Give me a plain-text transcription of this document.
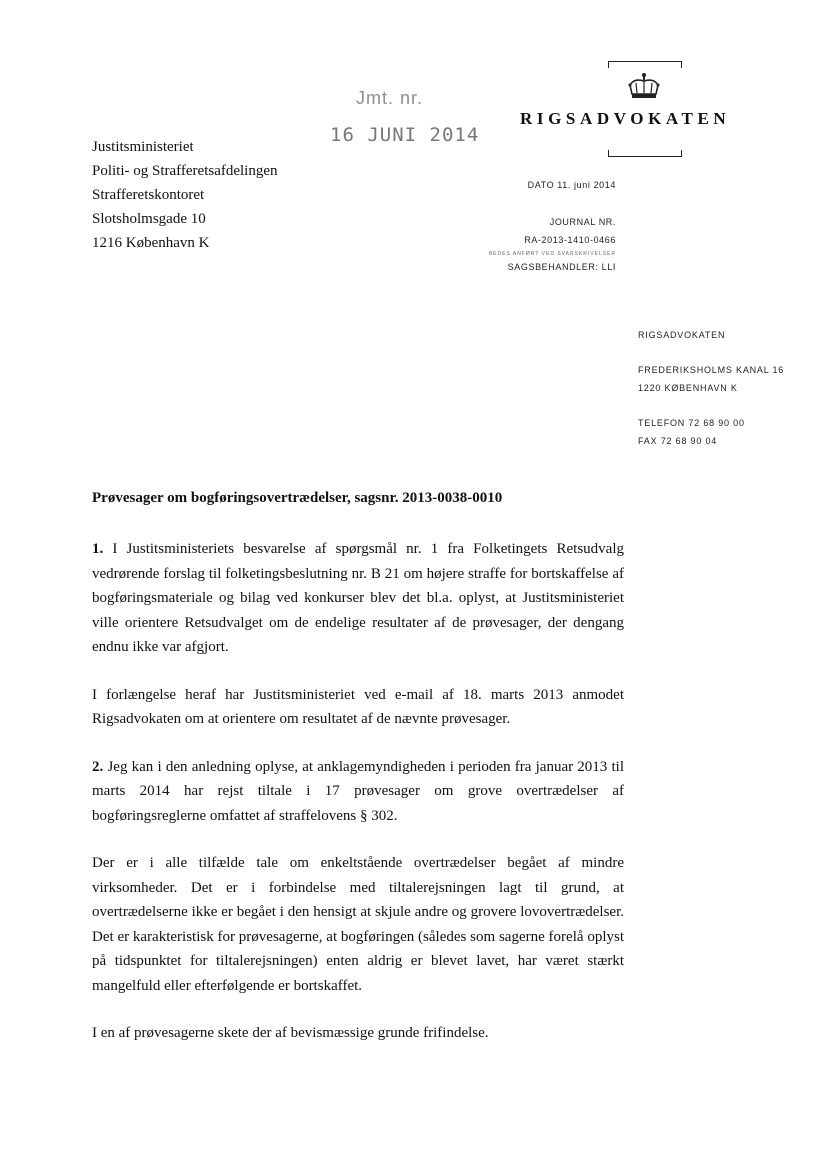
Jmt. nr.
16 JUNI 2014
RIGSADVOKATEN
Justitsministeriet
Politi- og Strafferetsafdelingen
Strafferetskontoret
Slotsholmsgade 10
1216 København K
DATO 11. juni 2014
JOURNAL NR.
RA-2013-1410-0466
BEDES ANFØRT VED SVARSKRIVELSER
SAGSBEHANDLER: LLI
RIGSADVOKATEN
FREDERIKSHOLMS KANAL 16
1220 KØBENHAVN K
TELEFON 72 68 90 00
FAX 72 68 90 04
Prøvesager om bogføringsovertrædelser, sagsnr. 2013-0038-0010

1. I Justitsministeriets besvarelse af spørgsmål nr. 1 fra Folketingets Retsudvalg vedrørende forslag til folketingsbeslutning nr. B 21 om højere straffe for bortskaffelse af bogføringsmateriale og bilag ved konkurser blev det bl.a. oplyst, at Justitsministeriet ville orientere Retsudvalget om de endelige resultater af de prøvesager, der dengang endnu ikke var afgjort.

I forlængelse heraf har Justitsministeriet ved e-mail af 18. marts 2013 anmodet Rigsadvokaten om at orientere om resultatet af de nævnte prøvesager.

2. Jeg kan i den anledning oplyse, at anklagemyndigheden i perioden fra januar 2013 til marts 2014 har rejst tiltale i 17 prøvesager om grove overtrædelser af bogføringsreglerne omfattet af straffelovens § 302.

Der er i alle tilfælde tale om enkeltstående overtrædelser begået af mindre virksomheder. Det er i forbindelse med tiltalerejsningen lagt til grund, at overtrædelserne ikke er begået i den hensigt at skjule andre og grovere lovovertrædelser. Det er karakteristisk for prøvesagerne, at bogføringen (således som sagerne forelå oplyst på tidspunktet for tiltalerejsningen) enten aldrig er blevet lavet, har været stærkt mangelfuld eller efterfølgende er bortskaffet.

I en af prøvesagerne skete der af bevismæssige grunde frifindelse.
